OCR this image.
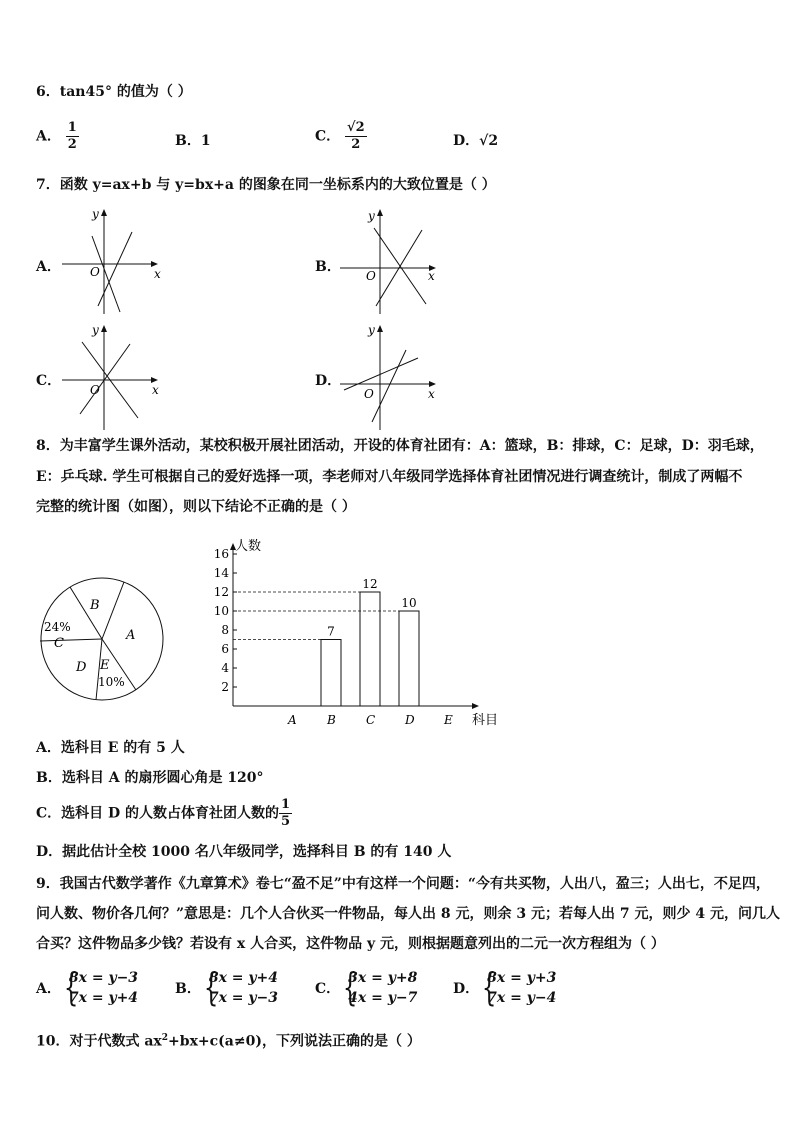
6．tan45° 的值为（ ）
A． $\frac{1}{2}$	B．1	C． $\frac{√2}{2}$	D．√2
7．函数 y=ax+b 与 y=bx+a 的图象在同一坐标系内的大致位置是（ ）
A．
y
x
O	B．
y
x
O
C．
y
x
O
D．
y
x
O
8．为丰富学生课外活动，某校积极开展社团活动，开设的体育社团有：A：篮球，B：排球，C：足球，D：羽毛球，
E：乒乓球. 学生可根据自己的爱好选择一项，李老师对八年级同学选择体育社团情况进行调查统计，制成了两幅不
完整的统计图（如图），则以下结论不正确的是（ ）
B
A
24%
C
D E
10%
人数
科目
2
4
6
8
10
12
14
16
A	B
7
C
12
D
10
E
A．选科目 E 的有 5 人
B．选科目 A 的扇形圆心角是 120°
C．选科目 D 的人数占体育社团人数的 $\frac{1}{5}$
D．据此估计全校 1000 名八年级同学，选择科目 B 的有 140 人
9．我国古代数学著作《九章算术》卷七“盈不足”中有这样一个问题：“今有共买物，人出八，盈三；人出七，不足四，
问人数、物价各几何？”意思是：几个人合伙买一件物品，每人出 8 元，则余 3 元；若每人出 7 元，则少 4 元，问几人
合买？这件物品多少钱？若设有 x 人合买，这件物品 y 元，则根据题意列出的二元一次方程组为（ ）
A．
{ 8x = y−3
7x = y+4
B．
{ 8x = y+4
7x = y−3
C．
{ 3x = y+8
4x = y−7
D．
{ 8x = y+3
7x = y−4
10．对于代数式 $ax^2+bx+c(a\ne 0)$，下列说法正确的是（ ）
